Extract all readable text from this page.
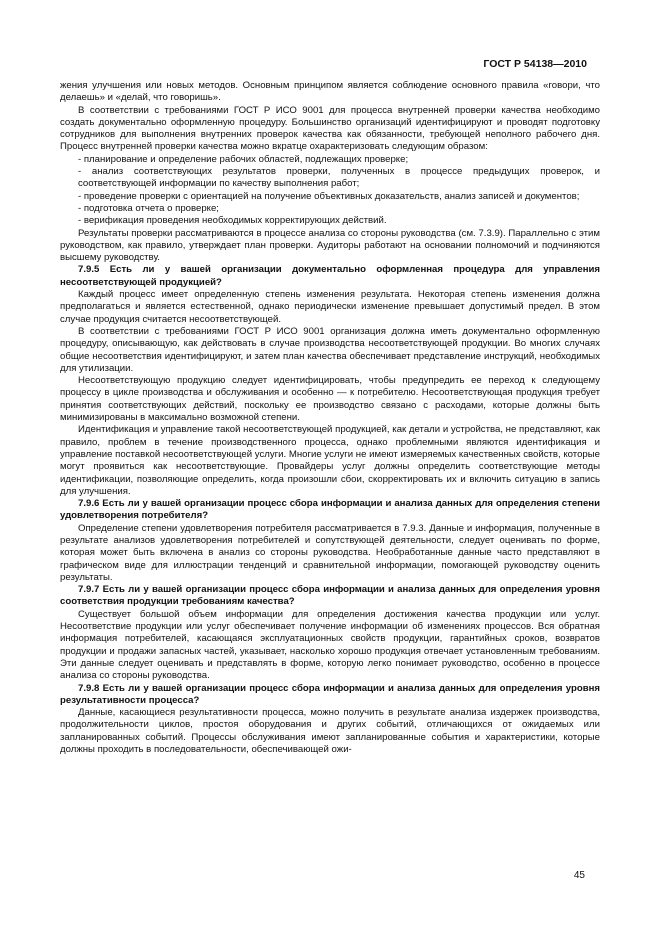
ГОСТ Р 54138—2010

жения улучшения или новых методов. Основным принципом является соблюдение основного правила «говори, что делаешь» и «делай, что говоришь».

В соответствии с требованиями ГОСТ Р ИСО 9001 для процесса внутренней проверки качества необходимо создать документально оформленную процедуру. Большинство организаций идентифицируют и проводят подготовку сотрудников для выполнения внутренних проверок качества как обязанности, требующей неполного рабочего дня. Процесс внутренней проверки качества можно вкратце охарактеризовать следующим образом:

- планирование и определение рабочих областей, подлежащих проверке;

- анализ соответствующих результатов проверки, полученных в процессе предыдущих проверок, и соответствующей информации по качеству выполнения работ;

- проведение проверки с ориентацией на получение объективных доказательств, анализ записей и документов;

- подготовка отчета о проверке;

- верификация проведения необходимых корректирующих действий.

Результаты проверки рассматриваются в процессе анализа со стороны руководства (см. 7.3.9). Параллельно с этим руководством, как правило, утверждает план проверки. Аудиторы работают на основании полномочий и подчиняются высшему руководству.

7.9.5 Есть ли у вашей организации документально оформленная процедура для управления несоответствующей продукцией?

Каждый процесс имеет определенную степень изменения результата. Некоторая степень изменения должна предполагаться и является естественной, однако периодически изменение превышает допустимый предел. В этом случае продукция считается несоответствующей.

В соответствии с требованиями ГОСТ Р ИСО 9001 организация должна иметь документально оформленную процедуру, описывающую, как действовать в случае производства несоответствующей продукции. Во многих случаях общие несоответствия идентифицируют, и затем план качества обеспечивает представление инструкций, необходимых для утилизации.

Несоответствующую продукцию следует идентифицировать, чтобы предупредить ее переход к следующему процессу в цикле производства и обслуживания и особенно — к потребителю. Несоответствующая продукция требует принятия соответствующих действий, поскольку ее производство связано с расходами, которые должны быть минимизированы в максимально возможной степени.

Идентификация и управление такой несоответствующей продукцией, как детали и устройства, не представляют, как правило, проблем в течение производственного процесса, однако проблемными являются идентификация и управление поставкой несоответствующей услуги. Многие услуги не имеют измеряемых качественных свойств, которые могут проявиться как несоответствующие. Провайдеры услуг должны определить соответствующие методы идентификации, позволяющие определить, когда произошли сбои, скорректировать их и включить ситуацию в запись для улучшения.

7.9.6 Есть ли у вашей организации процесс сбора информации и анализа данных для определения степени удовлетворения потребителя?

Определение степени удовлетворения потребителя рассматривается в 7.9.3. Данные и информация, полученные в результате анализов удовлетворения потребителей и сопутствующей деятельности, следует оценивать по форме, которая может быть включена в анализ со стороны руководства. Необработанные данные часто представляют в графическом виде для иллюстрации тенденций и сравнительной информации, помогающей руководству оценить результаты.

7.9.7 Есть ли у вашей организации процесс сбора информации и анализа данных для определения уровня соответствия продукции требованиям качества?

Существует большой объем информации для определения достижения качества продукции или услуг. Несоответствие продукции или услуг обеспечивает получение информации об изменениях процессов. Вся обратная информация потребителей, касающаяся эксплуатационных свойств продукции, гарантийных сроков, возвратов продукции и продажи запасных частей, указывает, насколько хорошо продукция отвечает установленным требованиям. Эти данные следует оценивать и представлять в форме, которую легко понимает руководство, особенно в процессе анализа со стороны руководства.

7.9.8 Есть ли у вашей организации процесс сбора информации и анализа данных для определения уровня результативности процесса?

Данные, касающиеся результативности процесса, можно получить в результате анализа издержек производства, продолжительности циклов, простоя оборудования и других событий, отличающихся от ожидаемых или запланированных событий. Процессы обслуживания имеют запланированные события и характеристики, которые должны проходить в последовательности, обеспечивающей ожи-

45
